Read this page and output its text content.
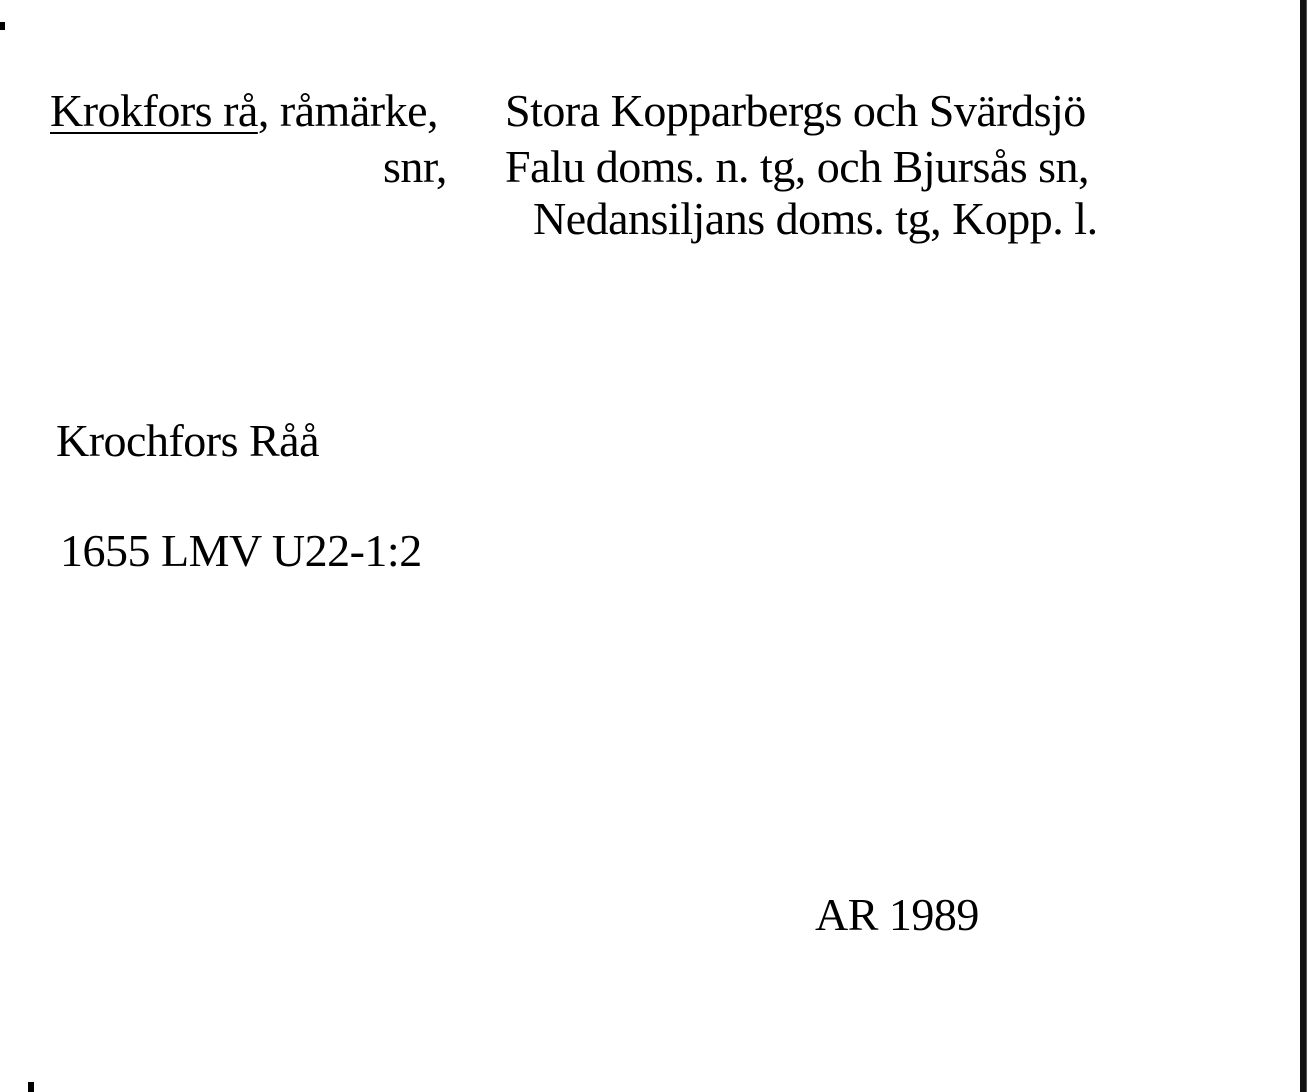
Krokfors rå, råmärke, Stora Kopparbergs och Svärdsjö
snr, Falu doms. n. tg, och Bjursås sn,
Nedansiljans doms. tg, Kopp. l.
Krochfors Råå
1655 LMV U22-1:2
AR 1989
